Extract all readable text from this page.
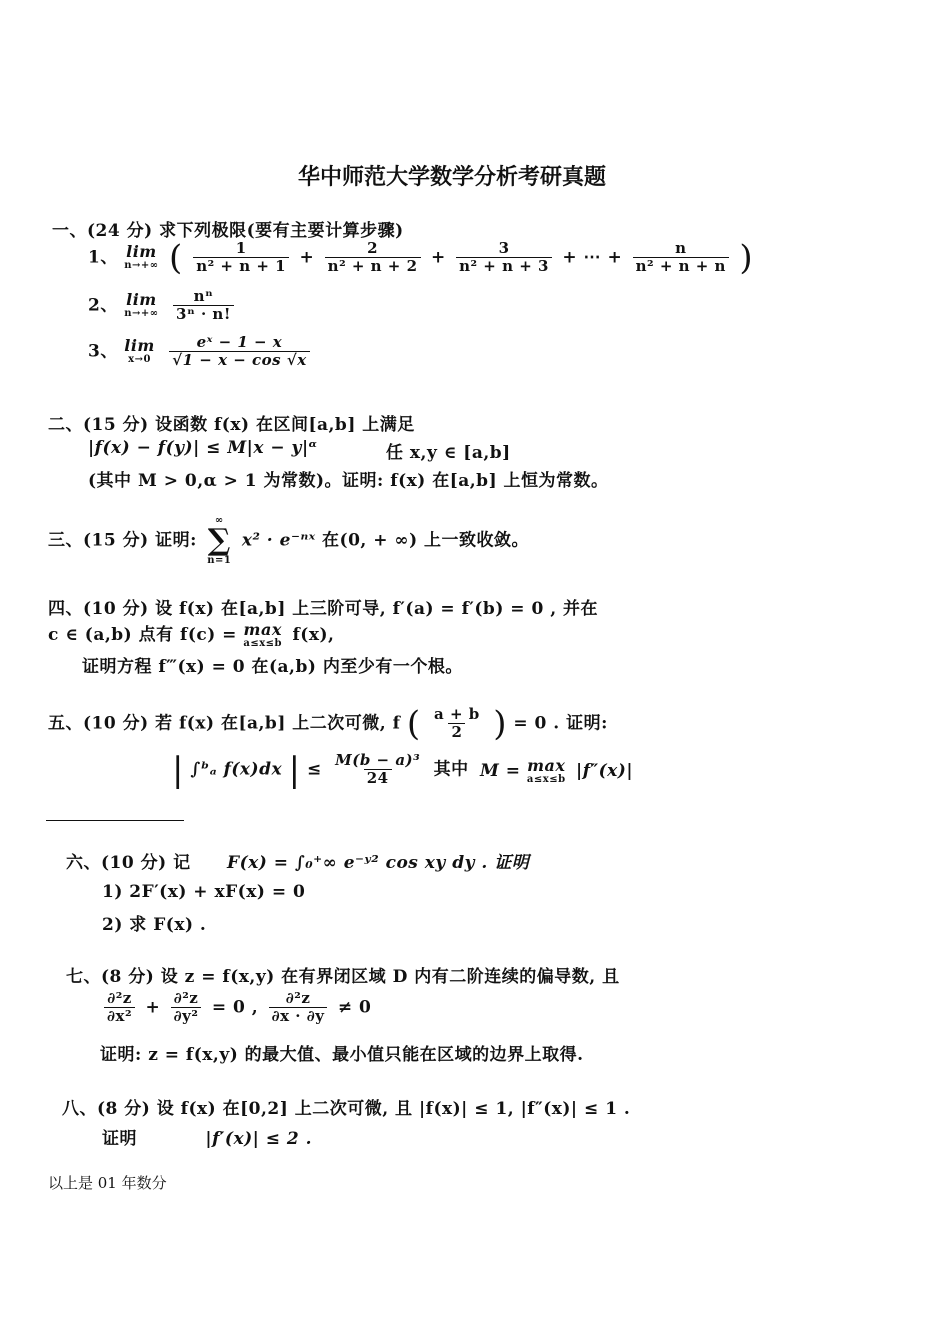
华中师范大学数学分析考研真题
一、(24 分) 求下列极限(要有主要计算步骤)
1、 lim
n→+∞ ( $\frac{1}{\text{n² + n + 1}} + \frac{2}{\text{n² + n + 2}} + \frac{3}{\text{n² + n + 3}}$ + ⋯ + $\frac{n}{\text{n² + n + n}}$ )
2、 lim
n→+∞
$\frac{\text{nⁿ}}{\text{3ⁿ · n!}}$
3、 lim
x→0
$\frac{\text{eˣ − 1 − x}}{√1 - x - \cos √x}$
二、(15 分) 设函数 f(x) 在区间[a,b] 上满足
|f(x) − f(y)| ≤ M|x − y|ᵅ	任 x,y ∈ [a,b]
(其中 M > 0,α > 1 为常数)。证明: f(x) 在[a,b] 上恒为常数。
三、(15 分) 证明:
∞
∑
n=1
x² · e⁻ⁿˣ 在(0, + ∞) 上一致收敛。
四、(10 分) 设 f(x) 在[a,b] 上三阶可导, f′(a) = f′(b) = 0 , 并在
c ∈ (a,b) 点有 f(c) = max
a≤x≤b f(x),
证明方程 f‴(x) = 0 在(a,b) 内至少有一个根。
五、(10 分) 若 f(x) 在[a,b] 上二次可微, f ( $\frac{a + b}{2}$ ) = 0 . 证明:
| ∫ᵇₐ f(x)dx | ≤ $\frac{\text{M(b − a)³}}{24}$ 其中 M = max
a≤x≤b |f″(x)|
六、(10 分) 记 F(x) = ∫₀⁺∞ e⁻ʸ² cos xy dy . 证明
1) 2F′(x) + xF(x) = 0
2) 求 F(x) .
七、(8 分) 设 z = f(x,y) 在有界闭区域 D 内有二阶连续的偏导数, 且
$\frac{\text{∂²z}}{\text{∂x²}} + \frac{\text{∂²z}}{\text{∂y²}} = 0$ , $\frac{\text{∂²z}}{\partial x \cdot \partial y} \ne 0$
证明: z = f(x,y) 的最大值、最小值只能在区域的边界上取得.
八、(8 分) 设 f(x) 在[0,2] 上二次可微, 且 |f(x)| ≤ 1, |f″(x)| ≤ 1 .
证明	|f′(x)| ≤ 2 .
以上是 01 年数分
